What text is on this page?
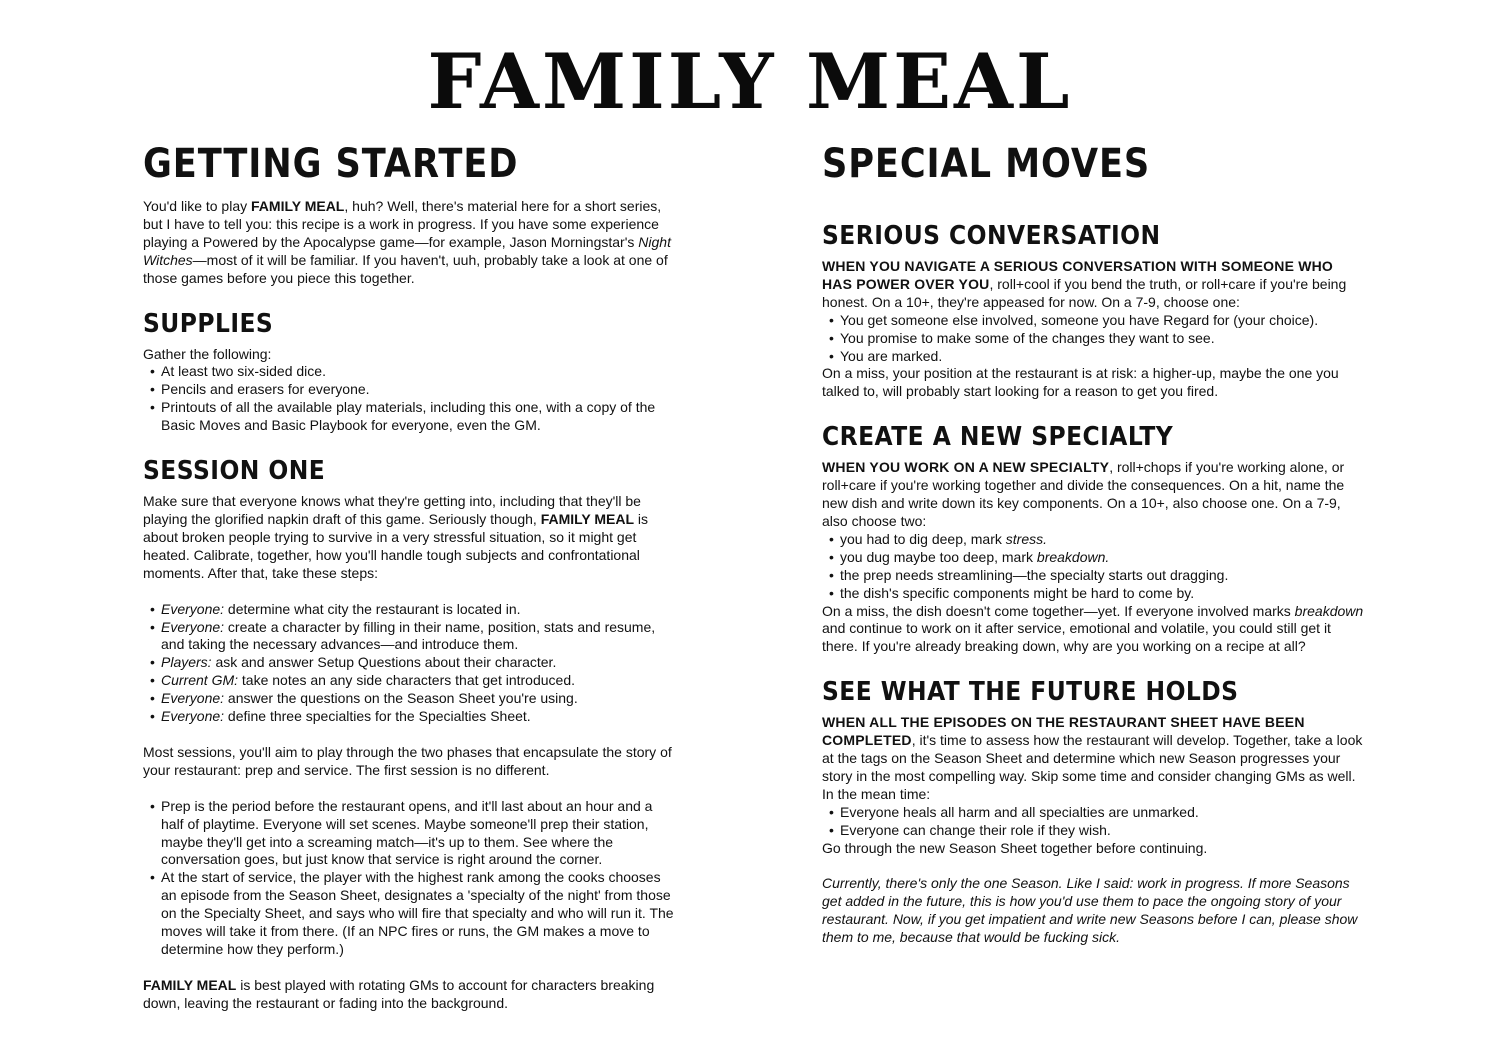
FAMILY MEAL
GETTING STARTED

You'd like to play FAMILY MEAL, huh? Well, there's material here for a short series, but I have to tell you: this recipe is a work in progress. If you have some experience playing a Powered by the Apocalypse game—for example, Jason Morningstar's Night Witches—most of it will be familiar. If you haven't, uuh, probably take a look at one of those games before you piece this together.

SUPPLIES

Gather the following:

• At least two six-sided dice.
• Pencils and erasers for everyone.
• Printouts of all the available play materials, including this one, with a copy of the Basic Moves and Basic Playbook for everyone, even the GM.
SESSION ONE

Make sure that everyone knows what they're getting into, including that they'll be playing the glorified napkin draft of this game. Seriously though, FAMILY MEAL is about broken people trying to survive in a very stressful situation, so it might get heated. Calibrate, together, how you'll handle tough subjects and confrontational moments. After that, take these steps:

• Everyone: determine what city the restaurant is located in.
• Everyone: create a character by filling in their name, position, stats and resume, and taking the necessary advances—and introduce them.
• Players: ask and answer Setup Questions about their character.
• Current GM: take notes an any side characters that get introduced.
• Everyone: answer the questions on the Season Sheet you're using.
• Everyone: define three specialties for the Specialties Sheet.

Most sessions, you'll aim to play through the two phases that encapsulate the story of your restaurant: prep and service. The first session is no different.

• Prep is the period before the restaurant opens, and it'll last about an hour and a half of playtime. Everyone will set scenes. Maybe someone'll prep their station, maybe they'll get into a screaming match—it's up to them. See where the conversation goes, but just know that service is right around the corner.
• At the start of service, the player with the highest rank among the cooks chooses an episode from the Season Sheet, designates a 'specialty of the night' from those on the Specialty Sheet, and says who will fire that specialty and who will run it. The moves will take it from there. (If an NPC fires or runs, the GM makes a move to determine how they perform.)

FAMILY MEAL is best played with rotating GMs to account for characters breaking down, leaving the restaurant or fading into the background.

SPECIAL MOVES
SERIOUS CONVERSATION

WHEN YOU NAVIGATE A SERIOUS CONVERSATION WITH SOMEONE WHO HAS POWER OVER YOU, roll+cool if you bend the truth, or roll+care if you're being honest. On a 10+, they're appeased for now. On a 7-9, choose one:

• You get someone else involved, someone you have Regard for (your choice).
• You promise to make some of the changes they want to see.
• You are marked.

On a miss, your position at the restaurant is at risk: a higher-up, maybe the one you talked to, will probably start looking for a reason to get you fired.

CREATE A NEW SPECIALTY

WHEN YOU WORK ON A NEW SPECIALTY, roll+chops if you're working alone, or roll+care if you're working together and divide the consequences. On a hit, name the new dish and write down its key components. On a 10+, also choose one. On a 7-9, also choose two:

• you had to dig deep, mark stress.
• you dug maybe too deep, mark breakdown.
• the prep needs streamlining—the specialty starts out dragging.
• the dish's specific components might be hard to come by.

On a miss, the dish doesn't come together—yet. If everyone involved marks breakdown and continue to work on it after service, emotional and volatile, you could still get it there. If you're already breaking down, why are you working on a recipe at all?

SEE WHAT THE FUTURE HOLDS

WHEN ALL THE EPISODES ON THE RESTAURANT SHEET HAVE BEEN COMPLETED, it's time to assess how the restaurant will develop. Together, take a look at the tags on the Season Sheet and determine which new Season progresses your story in the most compelling way. Skip some time and consider changing GMs as well. In the mean time:

• Everyone heals all harm and all specialties are unmarked.
• Everyone can change their role if they wish.

Go through the new Season Sheet together before continuing.

Currently, there's only the one Season. Like I said: work in progress. If more Seasons get added in the future, this is how you'd use them to pace the ongoing story of your restaurant. Now, if you get impatient and write new Seasons before I can, please show them to me, because that would be fucking sick.
